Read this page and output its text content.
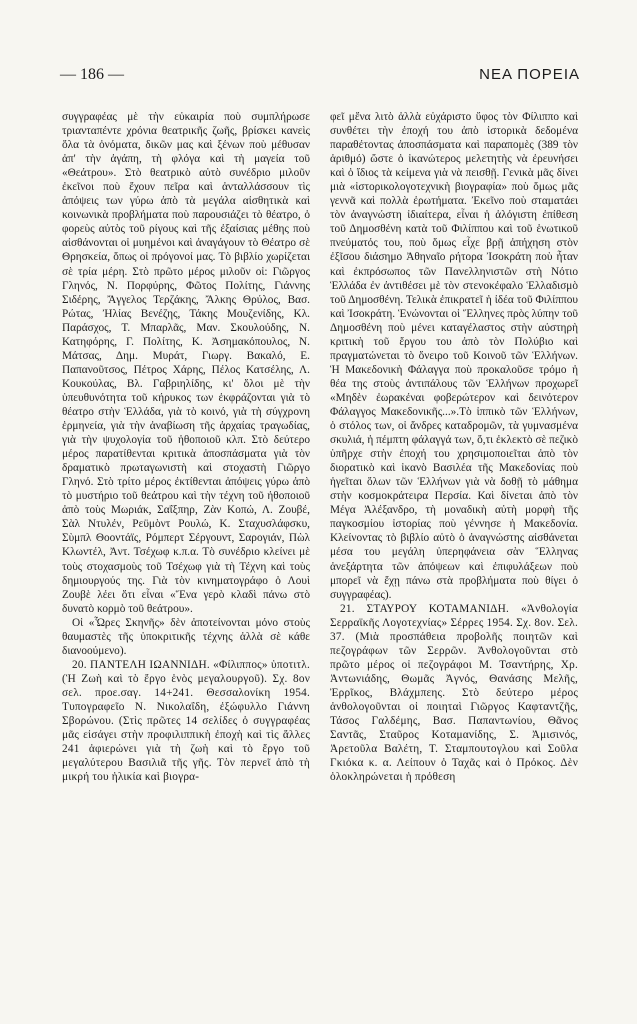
— 186 —	ΝΕΑ ΠΟΡΕΙΑ

συγγραφέας μὲ τὴν εὐκαιρία ποὺ συμπλήρωσε τριανταπέντε χρόνια θεατρικῆς ζωῆς, βρίσκει κανεὶς ὅλα τὰ ὀνόματα, δικῶν μας καὶ ξένων ποὺ μέθυσαν ἀπ' τὴν ἀγάπη, τὴ φλόγα καὶ τὴ μαγεία τοῦ «Θεάτρου». Στὸ θεατρικὸ αὐτὸ συνέδριο μιλοῦν ἐκεῖνοι ποὺ ἔχουν πεῖρα καὶ ἀνταλλάσσουν τὶς ἀπόψεις των γύρω ἀπὸ τὰ μεγάλα αἰσθητικὰ καὶ κοινωνικὰ προβλήματα ποὺ παρουσιάζει τὸ θέατρο, ὁ φορεὺς αὐτὸς τοῦ ρίγους καὶ τῆς ἐξαίσιας μέθης ποὺ αἰσθάνονται οἱ μυημένοι καὶ ἀναγάγουν τὸ Θέατρο σὲ Θρησκεία, ὅπως οἱ πρόγονοί μας. Τὸ βιβλίο χωρίζεται σὲ τρία μέρη. Στὸ πρῶτο μέρος μιλοῦν οἱ: Γιῶργος Γληνός, Ν. Πορφύρης, Φῶτος Πολίτης, Γιάννης Σιδέρης, Ἄγγελος Τερζάκης, Ἄλκης Θρύλος, Βασ. Ρώτας, Ἠλίας Βενέζης, Τάκης Μουζενίδης, Κλ. Παράσχος, Τ. Μπαρλᾶς, Μαν. Σκουλούδης, Ν. Κατηφόρης, Γ. Πολίτης, Κ. Ἀσημακόπουλος, Ν. Μάτσας, Δημ. Μυράτ, Γιωργ. Βακαλό, Ε. Παπανοῦτσος, Πέτρος Χάρης, Πέλος Κατσέλης, Λ. Κουκούλας, Βλ. Γαβριηλίδης, κι' ὅλοι μὲ τὴν ὑπευθυνότητα τοῦ κήρυκος των ἐκφράζονται γιὰ τὸ θέατρο στὴν Ἑλλάδα, γιὰ τὸ κοινό, γιὰ τὴ σύγχρονη ἑρμηνεία, γιὰ τὴν ἀναβίωση τῆς ἀρχαίας τραγωδίας, γιὰ τὴν ψυχολογία τοῦ ἠθοποιοῦ κλπ. Στὸ δεύτερο μέρος παρατίθενται κριτικὰ ἀποσπάσματα γιὰ τὸν δραματικὸ πρωταγωνιστὴ καὶ στοχαστὴ Γιῶργο Γληνό. Στὸ τρίτο μέρος ἐκτίθενται ἀπόψεις γύρω ἀπὸ τὸ μυστήριο τοῦ θεάτρου καὶ τὴν τέχνη τοῦ ἠθοποιοῦ ἀπὸ τοὺς Μωριάκ, Σαΐξπηρ, Ζὰν Κοπώ, Λ. Ζουβέ, Σὰλ Ντυλέν, Ρεϋμὸντ Ρουλώ, Κ. Σταχυσλάφσκυ, Σὺμπλ Θοοντάϊς, Ρόμπερτ Σέργουντ, Σαρογιάν, Πὼλ Κλωντέλ, Ἀντ. Τσέχωφ κ.π.α. Τὸ συνέδριο κλείνει μὲ τοὺς στοχασμοὺς τοῦ Τσέχωφ γιὰ τὴ Τέχνη καὶ τοὺς δημιουργούς της. Γιὰ τὸν κινηματογράφο ὁ Λουὶ Ζουβὲ λέει ὅτι εἶναι «Ἕνα γερὸ κλαδὶ πάνω στὸ δυνατὸ κορμὸ τοῦ θεάτρου».

Οἱ «Ὧρες Σκηνῆς» δὲν ἀποτείνονται μόνο στοὺς θαυμαστὲς τῆς ὑποκριτικῆς τέχνης ἀλλὰ σὲ κάθε διανοούμενο).

20. ΠΑΝΤΕΛΗ ΙΩΑΝΝΙΔΗ. «Φίλιππος» ὑποτιτλ. (Ἡ Ζωὴ καὶ τὸ ἔργο ἑνὸς μεγαλουργοῦ). Σχ. 8ον σελ. προε.σαγ. 14+241. Θεσσαλονίκη 1954. Τυπογραφεῖο Ν. Νικολαΐδη, ἐξώφυλλο Γιάννη Σβορώνου. (Στὶς πρῶτες 14 σελίδες ὁ συγγραφέας μᾶς εἰσάγει στὴν προφιλιππικὴ ἐποχὴ καὶ τὶς ἄλλες 241 ἀφιερώνει γιὰ τὴ ζωὴ καὶ τὸ ἔργο τοῦ μεγαλύτερου Βασιλιᾶ τῆς γῆς. Τὸν περνεῖ ἀπὸ τὴ μικρή του ἡλικία καὶ βιογρα-

φεῖ μἔνα λιτὸ ἀλλὰ εὐχάριστο ὕφος τὸν Φίλιππο καὶ συνθέτει τὴν ἐποχή του ἀπὸ ἱστορικὰ δεδομένα παραθέτοντας ἀποσπάσματα καὶ παραπομὲς (389 τὸν ἀριθμό) ὥστε ὁ ἱκανώτερος μελετητὴς νὰ ἐρευνήσει καὶ ὁ ἴδιος τὰ κείμενα γιὰ νὰ πεισθῇ. Γενικὰ μᾶς δίνει μιὰ «ἱστορικολογοτεχνικὴ βιογραφία» ποὺ ὅμως μᾶς γεννᾶ καὶ πολλὰ ἐρωτήματα. Ἐκεῖνο ποὺ σταματάει τὸν ἀναγνώστη ἰδιαίτερα, εἶναι ἡ ἀλόγιστη ἐπίθεση τοῦ Δημοσθένη κατὰ τοῦ Φιλίππου καὶ τοῦ ἑνωτικοῦ πνεύματός του, ποὺ ὅμως εἶχε βρῇ ἀπήχηση στὸν ἐξῖσου διάσημο Ἀθηναῖο ρήτορα Ἰσοκράτη ποὺ ἦταν καὶ ἐκπρόσωπος τῶν Πανελληνιστῶν στὴ Νότιο Ἑλλάδα ἐν ἀντιθέσει μὲ τὸν στενοκέφαλο Ἑλλαδισμὸ τοῦ Δημοσθένη. Τελικὰ ἐπικρατεῖ ἡ ἰδέα τοῦ Φιλίππου καὶ Ἰσοκράτη. Ἑνώνονται οἱ Ἕλληνες πρὸς λύπην τοῦ Δημοσθένη ποὺ μένει καταγέλαστος στὴν αὐστηρὴ κριτικὴ τοῦ ἔργου του ἀπὸ τὸν Πολύβιο καὶ πραγματώνεται τὸ ὄνειρο τοῦ Κοινοῦ τῶν Ἑλλήνων. Ἡ Μακεδονικὴ Φάλαγγα ποὺ προκαλοῦσε τρόμο ἡ θέα της στοὺς ἀντιπάλους τῶν Ἑλλήνων προχωρεῖ «Μηδὲν ἐωρακέναι φοβερώτερον καὶ δεινότερον Φάλαγγος Μακεδονικῆς...».Τὸ ἱππικὸ τῶν Ἑλλήνων, ὁ στόλος των, οἱ ἄνδρες καταδρομῶν, τὰ γυμνασμένα σκυλιά, ἡ πέμπτη φάλαγγά των, ὅ,τι ἐκλεκτὸ σὲ πεζικὸ ὑπῆρχε στὴν ἐποχή του χρησιμοποιεῖται ἀπὸ τὸν διορατικὸ καὶ ἱκανὸ Βασιλέα τῆς Μακεδονίας ποὺ ἡγεῖται ὅλων τῶν Ἑλλήνων γιὰ νὰ δοθῇ τὸ μάθημα στὴν κοσμοκράτειρα Περσία. Καὶ δίνεται ἀπὸ τὸν Μέγα Ἀλέξανδρο, τὴ μοναδικὴ αὐτὴ μορφὴ τῆς παγκοσμίου ἱστορίας ποὺ γέννησε ἡ Μακεδονία. Κλείνοντας τὸ βιβλίο αὐτὸ ὁ ἀναγνώστης αἰσθάνεται μέσα του μεγάλη ὑπερηφάνεια σὰν Ἕλληνας ἀνεξάρτητα τῶν ἀπόψεων καὶ ἐπιφυλάξεων ποὺ μπορεῖ νὰ ἔχῃ πάνω στὰ προβλήματα ποὺ θίγει ὁ συγγραφέας).

21. ΣΤΑΥΡΟΥ ΚΟΤΑΜΑΝΙΔΗ. «Ἀνθολογία Σερραϊκῆς Λογοτεχνίας» Σέρρες 1954. Σχ. 8ον. Σελ. 37. (Μιὰ προσπάθεια προβολῆς ποιητῶν καὶ πεζογράφων τῶν Σερρῶν. Ἀνθολογοῦνται στὸ πρῶτο μέρος οἱ πεζογράφοι Μ. Τσαντήρης, Χρ. Ἀντωνιάδης, Θωμᾶς Ἀγνός, Θανάσης Μελῆς, Ἐρρῖκος, Βλάχμπεης. Στὸ δεύτερο μέρος ἀνθολογοῦνται οἱ ποιηταὶ Γιῶργος Καφταντζῆς, Τάσος Γαλδέμης, Βασ. Παπαντωνίου, Θᾶνος Σαντᾶς, Σταῦρος Κοταμανίδης, Σ. Ἀμισινός, Ἀρετοῦλα Βαλέτη, Τ. Σταμπουτογλου καὶ Σοῦλα Γκιόκα κ. α. Λείπουν ὁ Ταχᾶς καὶ ὁ Πρόκος. Δὲν ὁλοκληρώνεται ἡ πρόθεση
